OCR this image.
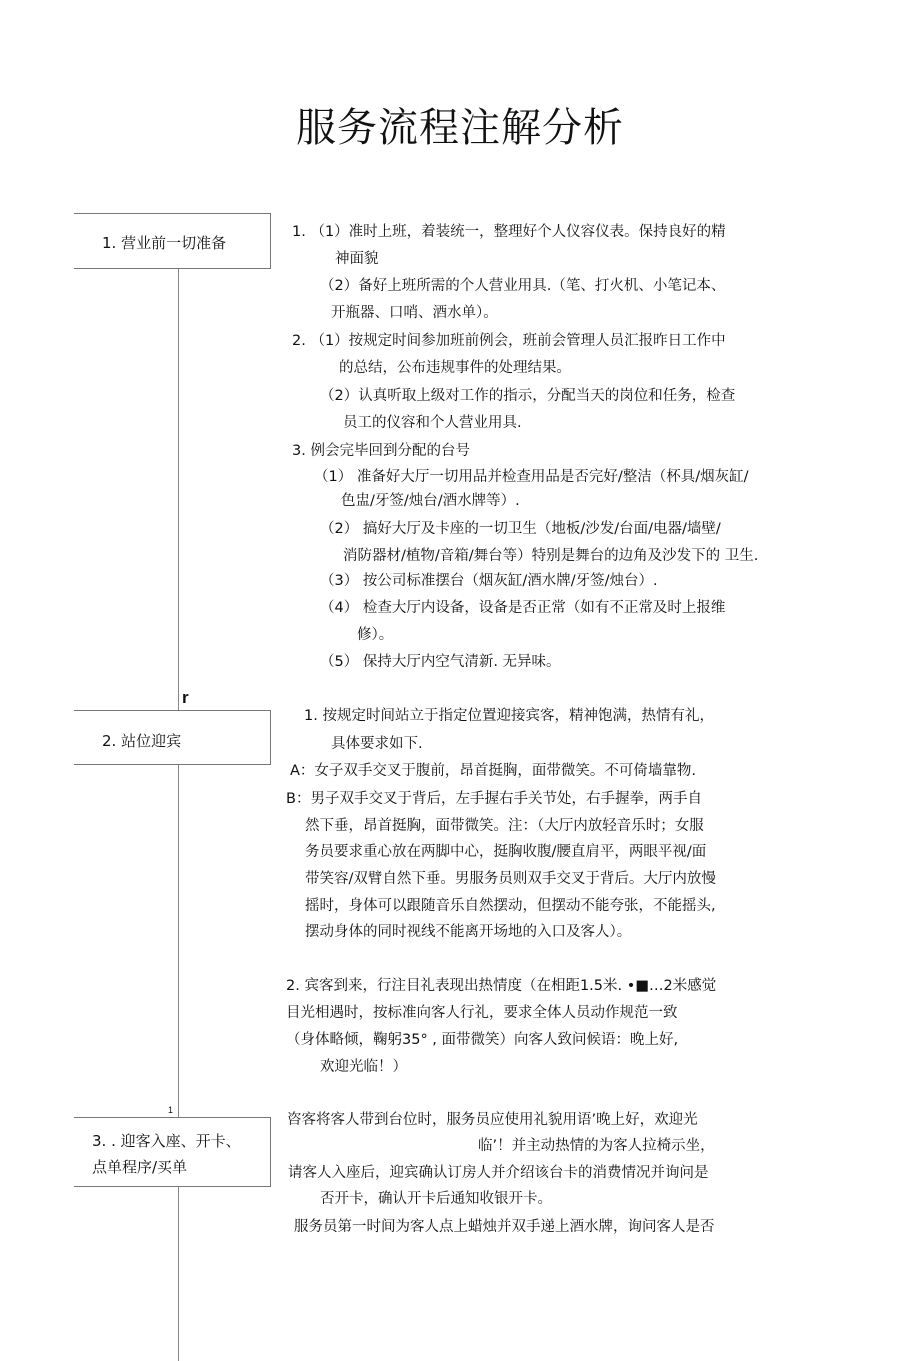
服务流程注解分析
1. 营业前一切准备
2. 站位迎宾
3. . 迎客入座、开卡、
点单程序/买单
r
1
1. （1）准时上班，着装统一，整理好个人仪容仪表。保持良好的精
神面貌
（2）备好上班所需的个人营业用具.（笔、打火机、小笔记本、
开瓶器、口哨、酒水单）。
2. （1）按规定时间参加班前例会，班前会管理人员汇报昨日工作中
的总结，公布违规事件的处理结果。
（2）认真听取上级对工作的指示，分配当天的岗位和任务，检查
员工的仪容和个人营业用具.
3. 例会完毕回到分配的台号
（1） 准备好大厅一切用品并检查用品是否完好/整洁（杯具/烟灰缸/
色盅/牙签/烛台/酒水牌等）.
（2） 搞好大厅及卡座的一切卫生（地板/沙发/台面/电器/墙壁/
消防器材/植物/音箱/舞台等）特别是舞台的边角及沙发下的 卫生.
（3） 按公司标准摆台（烟灰缸/酒水牌/牙签/烛台）.
（4） 检查大厅内设备，设备是否正常（如有不正常及时上报维
修）。
（5） 保持大厅内空气清新. 无异味。
1. 按规定时间站立于指定位置迎接宾客，精神饱满，热情有礼，
具体要求如下.
A：女子双手交叉于腹前，昂首挺胸，面带微笑。不可倚墙靠物.
B：男子双手交叉于背后，左手握右手关节处，右手握拳，两手自
然下垂，昂首挺胸，面带微笑。注：（大厅内放轻音乐时；女服
务员要求重心放在两脚中心，挺胸收腹/腰直肩平，两眼平视/面
带笑容/双臂自然下垂。男服务员则双手交叉于背后。大厅内放慢
摇时，身体可以跟随音乐自然摆动，但摆动不能夸张，不能摇头,
摆动身体的同时视线不能离开场地的入口及客人）。
2. 宾客到来，行注目礼表现出热情度（在相距1.5米. •■…2米感觉
目光相遇时，按标准向客人行礼，要求全体人员动作规范一致
（身体略倾，鞠躬35° , 面带微笑）向客人致问候语：晚上好,
欢迎光临！）
咨客将客人带到台位时，服务员应使用礼貌用语’晚上好，欢迎光
临’！并主动热情的为客人拉椅示坐，
请客人入座后，迎宾确认订房人并介绍该台卡的消费情况并询问是
否开卡，确认开卡后通知收银开卡。
服务员第一时间为客人点上蜡烛并双手递上酒水牌，询问客人是否
